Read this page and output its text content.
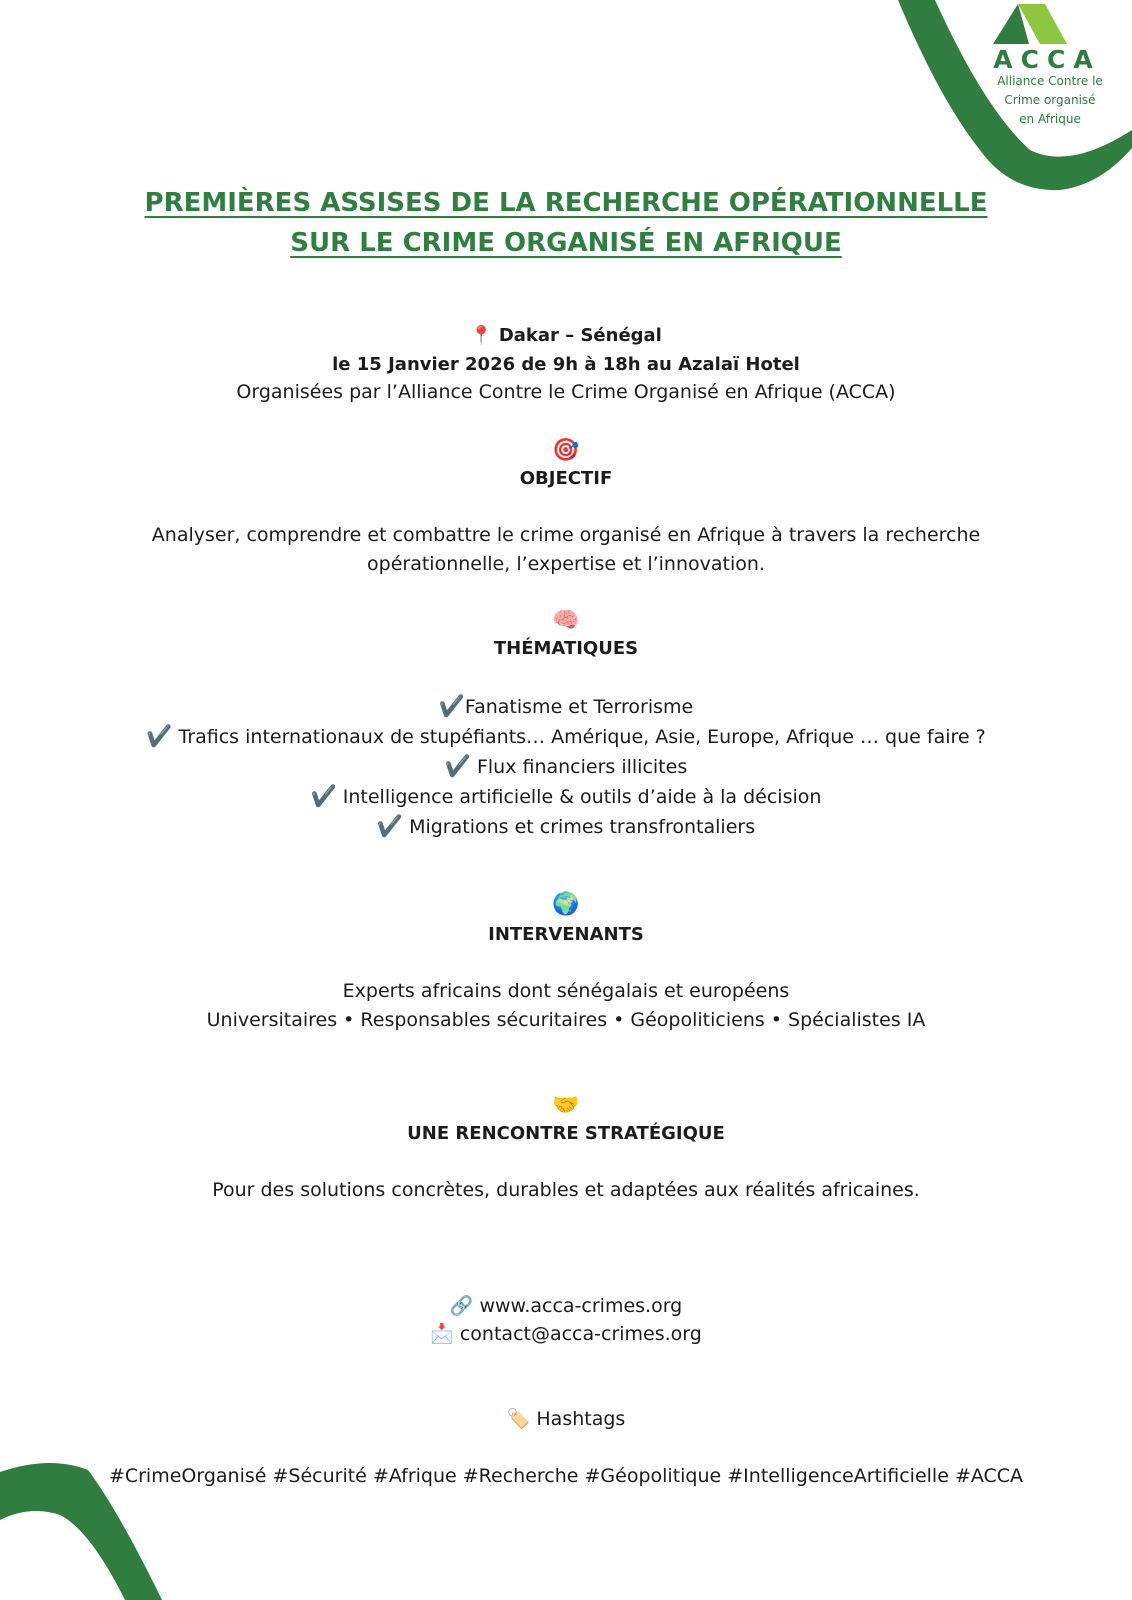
ACCA
Alliance Contre le
Crime organisé
en Afrique
PREMIÈRES ASSISES DE LA RECHERCHE OPÉRATIONNELLE
SUR LE CRIME ORGANISÉ EN AFRIQUE
📍 Dakar – Sénégal
le 15 Janvier 2026 de 9h à 18h au Azalaï Hotel
Organisées par l’Alliance Contre le Crime Organisé en Afrique (ACCA)
🎯
OBJECTIF
Analyser, comprendre et combattre le crime organisé en Afrique à travers la recherche
opérationnelle, l’expertise et l’innovation.
🧠
THÉMATIQUES
✔️Fanatisme et Terrorisme
✔️ Trafics internationaux de stupéfiants… Amérique, Asie, Europe, Afrique … que faire ?
✔️ Flux financiers illicites
✔️ Intelligence artificielle & outils d’aide à la décision
✔️ Migrations et crimes transfrontaliers
🌍
INTERVENANTS
Experts africains dont sénégalais et européens
Universitaires • Responsables sécuritaires • Géopoliticiens • Spécialistes IA
🤝
UNE RENCONTRE STRATÉGIQUE
Pour des solutions concrètes, durables et adaptées aux réalités africaines.
🔗 www.acca-crimes.org
📩 contact@acca-crimes.org
🏷️ Hashtags
#CrimeOrganisé #Sécurité #Afrique #Recherche #Géopolitique #IntelligenceArtificielle #ACCA
